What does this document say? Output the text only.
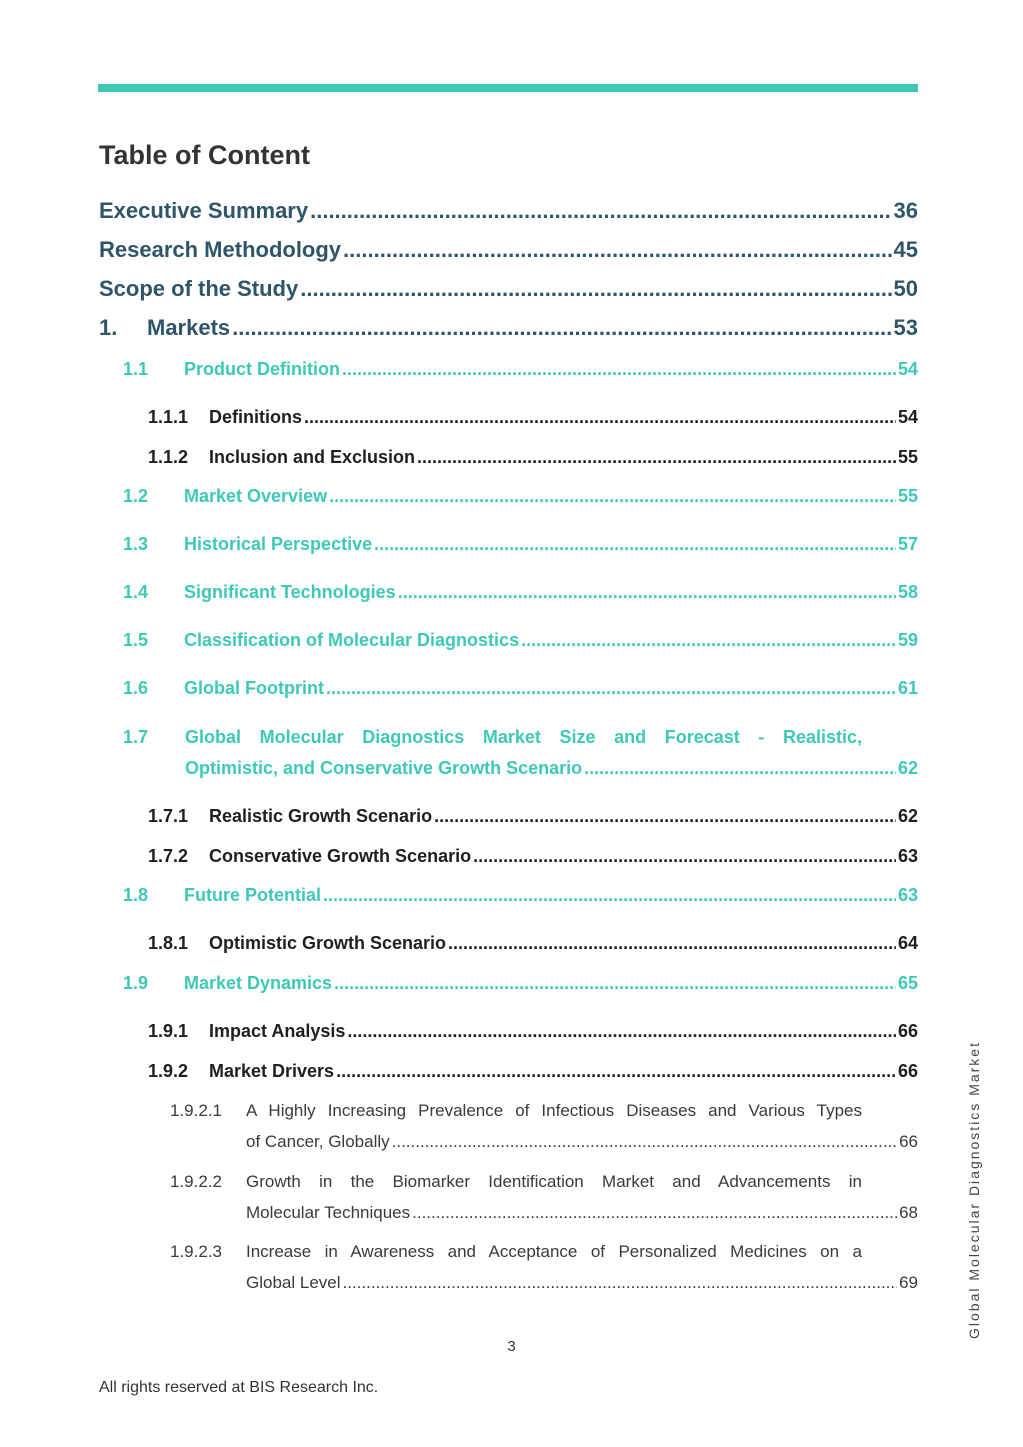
Table of Content
Executive Summary .....	36
Research Methodology .....	45
Scope of the Study .....	50
1.	Markets .....	53
1.1	Product Definition .....	54
1.1.1	Definitions .....	54
1.1.2	Inclusion and Exclusion .....	55
1.2	Market Overview .....	55
1.3	Historical Perspective .....	57
1.4	Significant Technologies .....	58
1.5	Classification of Molecular Diagnostics .....	59
1.6	Global Footprint .....	61
1.7 Global Molecular Diagnostics Market Size and Forecast - Realistic,
Optimistic, and Conservative Growth Scenario .....	62
1.7.1	Realistic Growth Scenario .....	62
1.7.2	Conservative Growth Scenario .....	63
1.8	Future Potential .....	63
1.8.1	Optimistic Growth Scenario .....	64
1.9	Market Dynamics .....	65
1.9.1	Impact Analysis .....	66
1.9.2	Market Drivers .....	66
1.9.2.1 A Highly Increasing Prevalence of Infectious Diseases and Various Types
of Cancer, Globally .....	66
1.9.2.2 Growth in the Biomarker Identification Market and Advancements in
Molecular Techniques .....	68
1.9.2.3 Increase in Awareness and Acceptance of Personalized Medicines on a
Global Level .....	69
3
All rights reserved at BIS Research Inc.
Global Molecular Diagnostics Market
